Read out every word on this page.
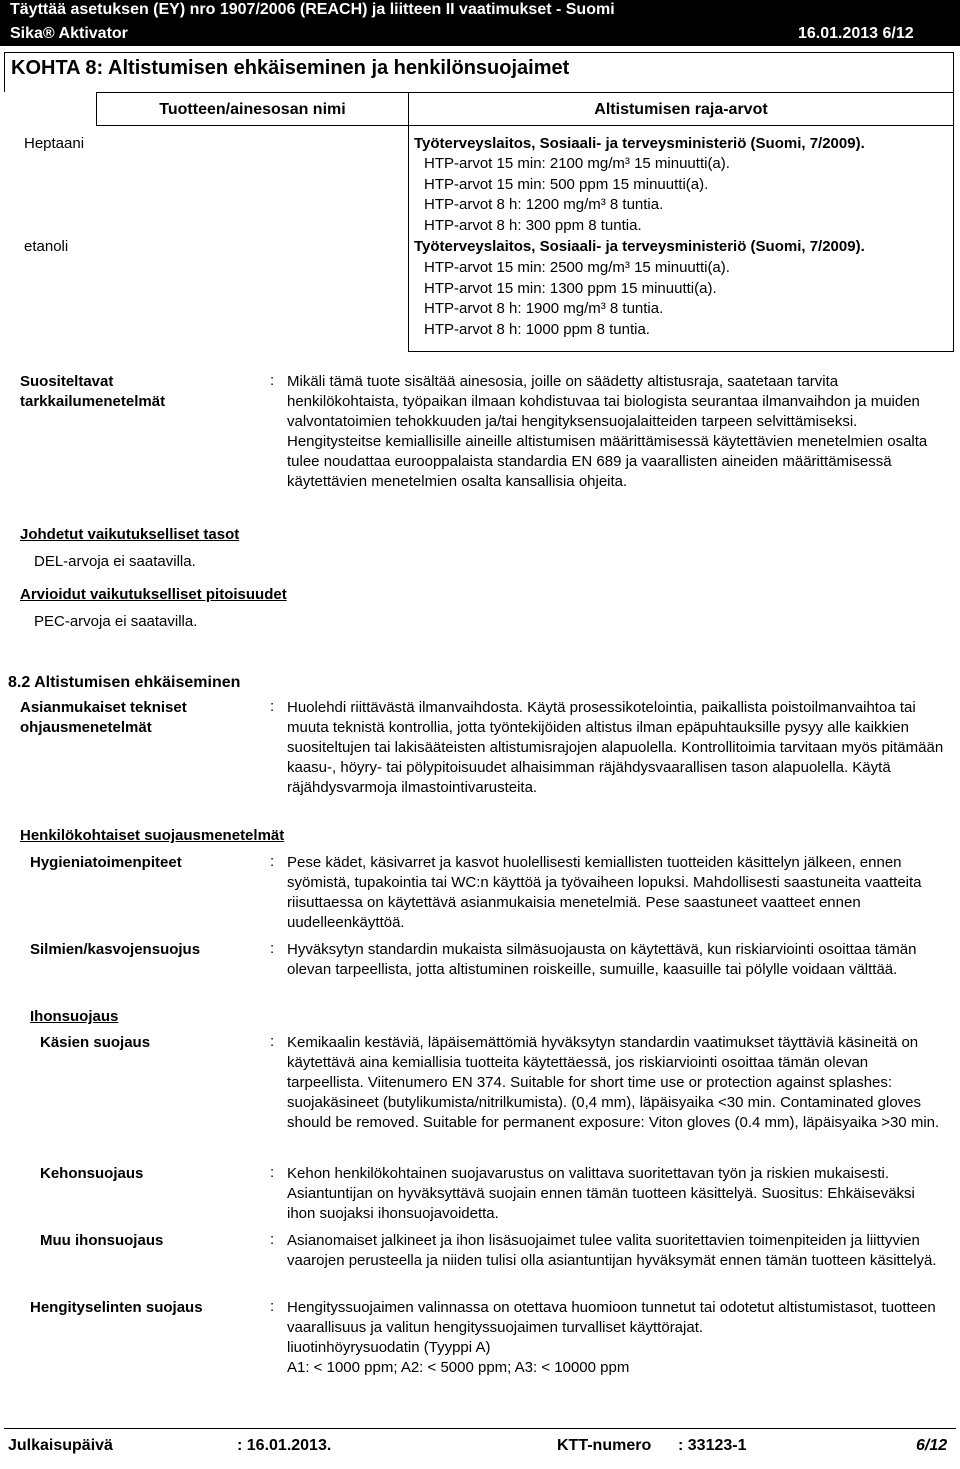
Täyttää asetuksen (EY) nro 1907/2006 (REACH) ja liitteen II vaatimukset - Suomi
Sika® Aktivator	16.01.2013 6/12
KOHTA 8: Altistumisen ehkäiseminen ja henkilönsuojaimet
Tuotteen/ainesosan nimi	Altistumisen raja-arvot
Heptaani	Työterveyslaitos, Sosiaali- ja terveysministeriö (Suomi, 7/2009).
HTP-arvot 15 min: 2100 mg/m³ 15 minuutti(a).
HTP-arvot 15 min: 500 ppm 15 minuutti(a).
HTP-arvot 8 h: 1200 mg/m³ 8 tuntia.
HTP-arvot 8 h: 300 ppm 8 tuntia.
etanoli	Työterveyslaitos, Sosiaali- ja terveysministeriö (Suomi, 7/2009).
HTP-arvot 15 min: 2500 mg/m³ 15 minuutti(a).
HTP-arvot 15 min: 1300 ppm 15 minuutti(a).
HTP-arvot 8 h: 1900 mg/m³ 8 tuntia.
HTP-arvot 8 h: 1000 ppm 8 tuntia.
Suositeltavat
tarkkailumenetelmät
: Mikäli tämä tuote sisältää ainesosia, joille on säädetty altistusraja, saatetaan tarvita henkilökohtaista, työpaikan ilmaan kohdistuvaa tai biologista seurantaa ilmanvaihdon ja muiden valvontatoimien tehokkuuden ja/tai hengityksensuojalaitteiden tarpeen selvittämiseksi. Hengitysteitse kemiallisille aineille altistumisen määrittämisessä käytettävien menetelmien osalta tulee noudattaa eurooppalaista standardia EN 689 ja vaarallisten aineiden määrittämisessä käytettävien menetelmien osalta kansallisia ohjeita.
Johdetut vaikutukselliset tasot
DEL-arvoja ei saatavilla.
Arvioidut vaikutukselliset pitoisuudet
PEC-arvoja ei saatavilla.
8.2 Altistumisen ehkäiseminen
Asianmukaiset tekniset
ohjausmenetelmät
: Huolehdi riittävästä ilmanvaihdosta. Käytä prosessikotelointia, paikallista poistoilmanvaihtoa tai muuta teknistä kontrollia, jotta työntekijöiden altistus ilman epäpuhtauksille pysyy alle kaikkien suositeltujen tai lakisääteisten altistumisrajojen alapuolella. Kontrollitoimia tarvitaan myös pitämään kaasu-, höyry- tai pölypitoisuudet alhaisimman räjähdysvaarallisen tason alapuolella. Käytä räjähdysvarmoja ilmastointivarusteita.
Henkilökohtaiset suojausmenetelmät
Hygieniatoimenpiteet	: Pese kädet, käsivarret ja kasvot huolellisesti kemiallisten tuotteiden käsittelyn jälkeen, ennen syömistä, tupakointia tai WC:n käyttöä ja työvaiheen lopuksi. Mahdollisesti saastuneita vaatteita riisuttaessa on käytettävä asianmukaisia menetelmiä. Pese saastuneet vaatteet ennen uudelleenkäyttöä.
Silmien/kasvojensuojus	: Hyväksytyn standardin mukaista silmäsuojausta on käytettävä, kun riskiarviointi osoittaa tämän olevan tarpeellista, jotta altistuminen roiskeille, sumuille, kaasuille tai pölylle voidaan välttää.
Ihonsuojaus
Käsien suojaus	: Kemikaalin kestäviä, läpäisemättömiä hyväksytyn standardin vaatimukset täyttäviä käsineitä on käytettävä aina kemiallisia tuotteita käytettäessä, jos riskiarviointi osoittaa tämän olevan tarpeellista. Viitenumero EN 374. Suitable for short time use or protection against splashes: suojakäsineet (butylikumista/nitrilkumista). (0,4 mm), läpäisyaika <30 min. Contaminated gloves should be removed. Suitable for permanent exposure: Viton gloves (0.4 mm), läpäisyaika >30 min.
Kehonsuojaus	: Kehon henkilökohtainen suojavarustus on valittava suoritettavan työn ja riskien mukaisesti. Asiantuntijan on hyväksyttävä suojain ennen tämän tuotteen käsittelyä. Suositus: Ehkäiseväksi ihon suojaksi ihonsuojavoidetta.
Muu ihonsuojaus	: Asianomaiset jalkineet ja ihon lisäsuojaimet tulee valita suoritettavien toimenpiteiden ja liittyvien vaarojen perusteella ja niiden tulisi olla asiantuntijan hyväksymät ennen tämän tuotteen käsittelyä.
Hengityselinten suojaus	: Hengityssuojaimen valinnassa on otettava huomioon tunnetut tai odotetut altistumistasot, tuotteen vaarallisuus ja valitun hengityssuojaimen turvalliset käyttörajat.
liuotinhöyrysuodatin (Tyyppi A)
A1: < 1000 ppm; A2: < 5000 ppm; A3: < 10000 ppm
Julkaisupäivä	: 16.01.2013.	KTT-numero : 33123-1	6/12
